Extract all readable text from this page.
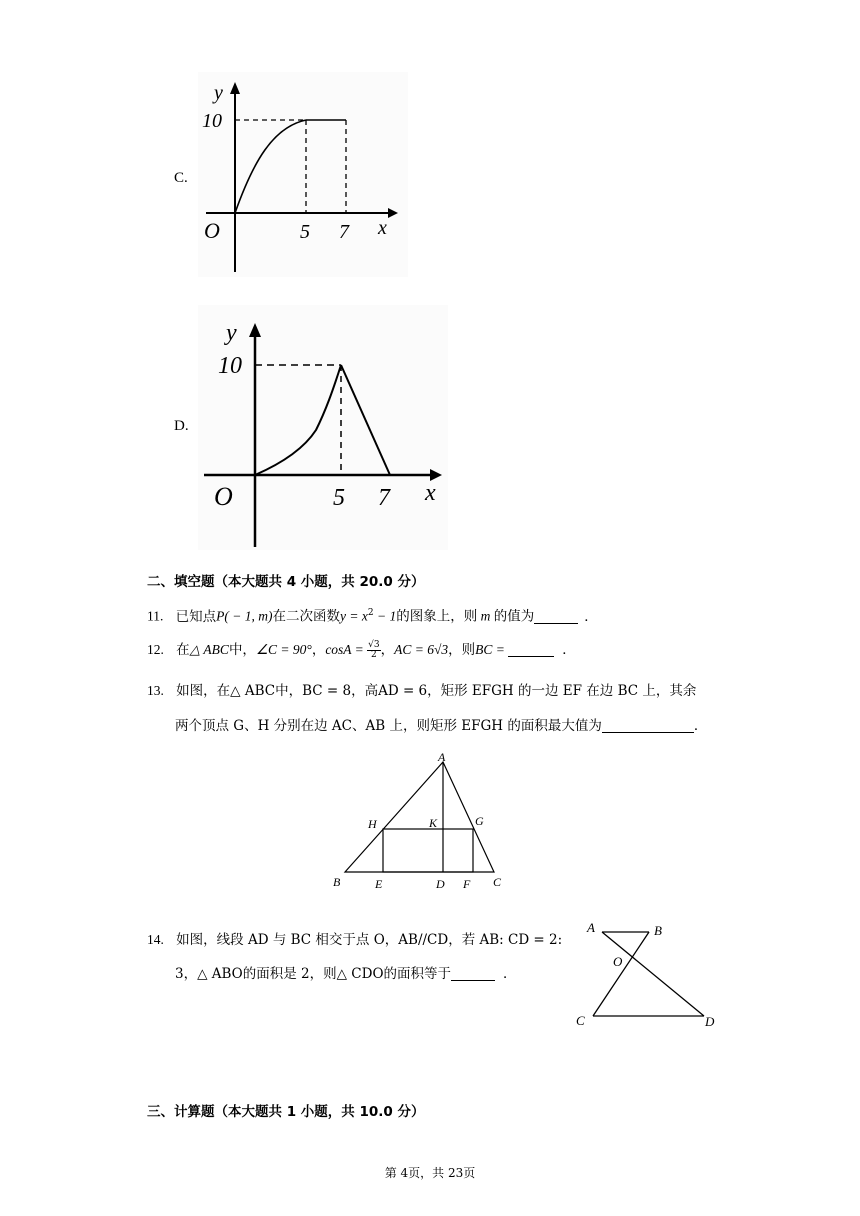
C.
y
10
O	5 7 x
D.
y
10
O	5 7 x
二、填空题（本大题共 4 小题，共 20.0 分）
11. 已知点P( − 1, m)在二次函数$y = x^2 - 1$的图象上，则 m 的值为	．
12. 在△ ABC中，∠C = 90°，$\cos A = \frac{√3}{2}$ ，AC = 6√3，则BC =	．
13. 如图，在△ ABC中，BC = 8，高AD = 6，矩形 EFGH 的一边 EF 在边 BC 上，其余
两个顶点 G、H 分别在边 AC、AB 上，则矩形 EFGH 的面积最大值为	．
A
H	K	G
B	E	D F C
14. 如图，线段 AD 与 BC 相交于点 O，AB//CD，若 AB: CD = 2:
3，△ ABO的面积是 2，则△ CDO的面积等于	．
A	B
O
C	D
三、计算题（本大题共 1 小题，共 10.0 分）
第 4页，共 23页
